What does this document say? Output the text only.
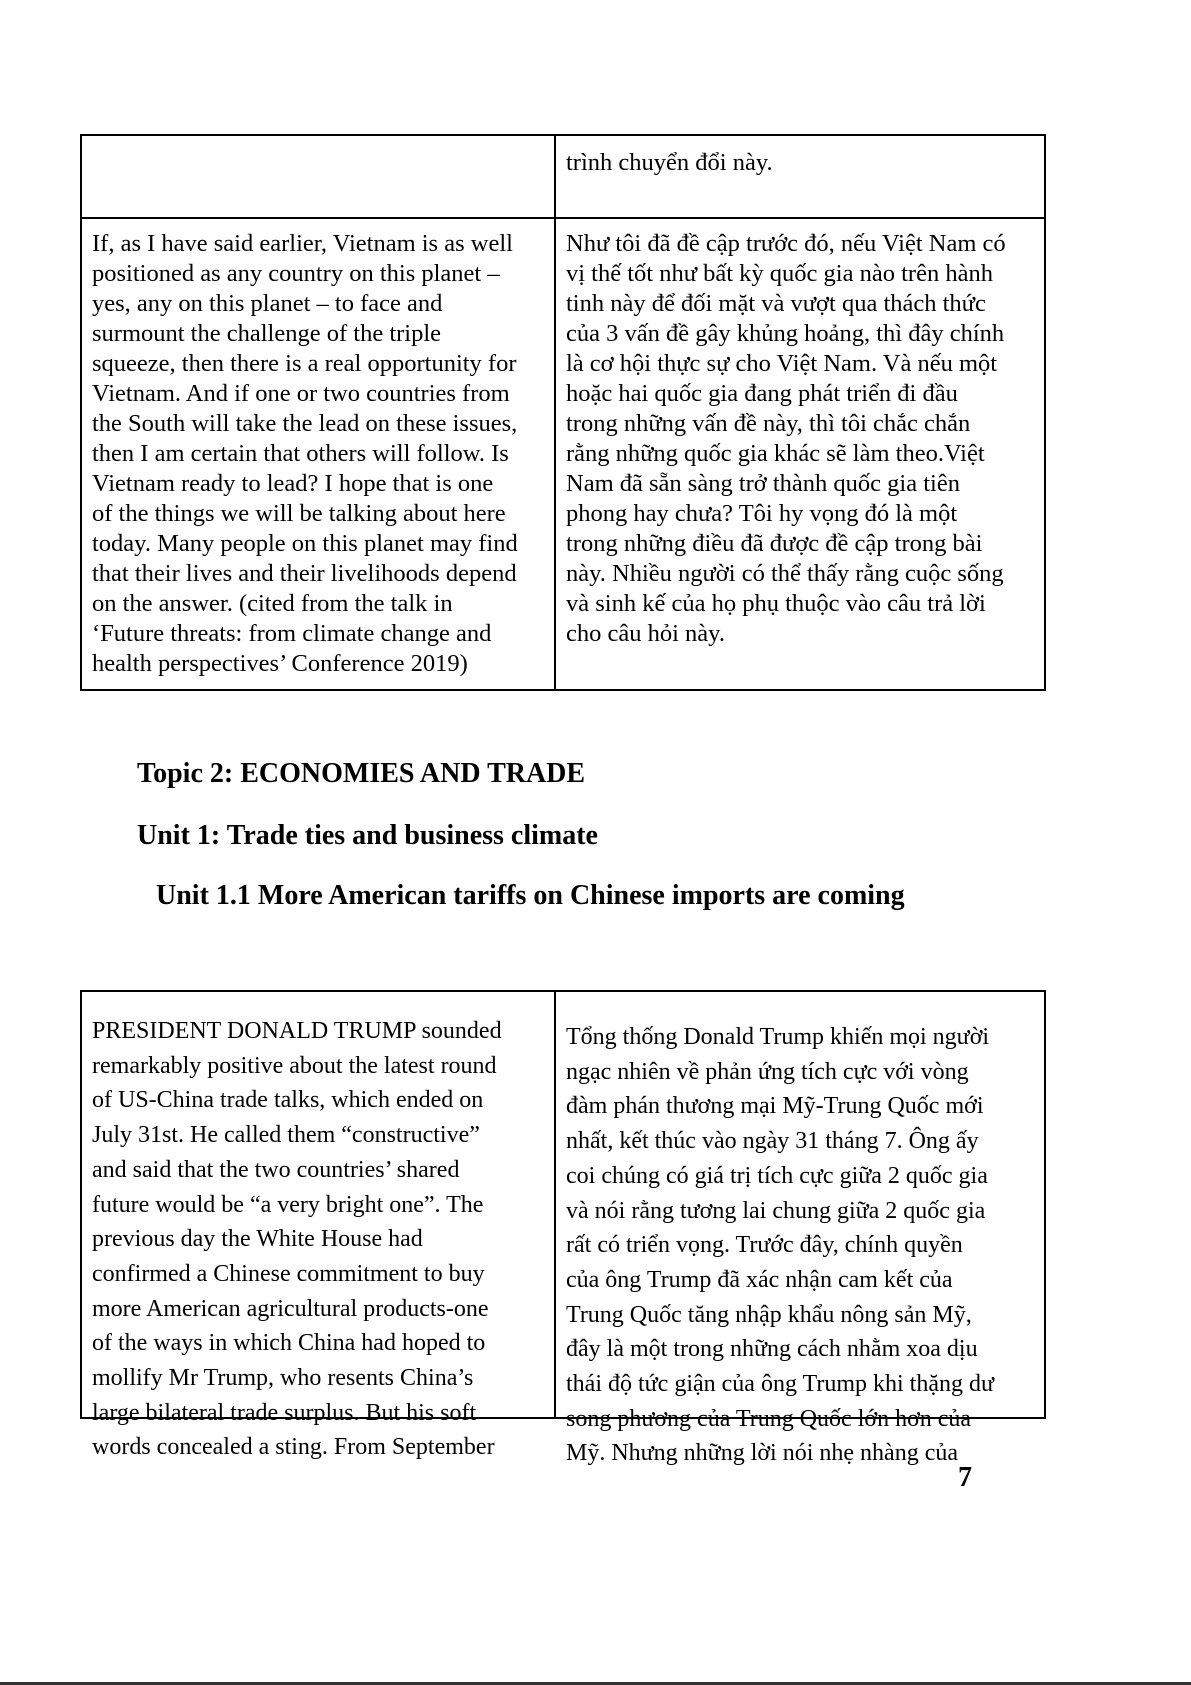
trình chuyển đổi này.
If, as I have said earlier, Vietnam is as well
positioned as any country on this planet –
yes, any on this planet – to face and
surmount the challenge of the triple
squeeze, then there is a real opportunity for
Vietnam. And if one or two countries from
the South will take the lead on these issues,
then I am certain that others will follow. Is
Vietnam ready to lead? I hope that is one
of the things we will be talking about here
today. Many people on this planet may find
that their lives and their livelihoods depend
on the answer. (cited from the talk in
‘Future threats: from climate change and
health perspectives’ Conference 2019)
Như tôi đã đề cập trước đó, nếu Việt Nam có
vị thế tốt như bất kỳ quốc gia nào trên hành
tinh này để đối mặt và vượt qua thách thức
của 3 vấn đề gây khủng hoảng, thì đây chính
là cơ hội thực sự cho Việt Nam. Và nếu một
hoặc hai quốc gia đang phát triển đi đầu
trong những vấn đề này, thì tôi chắc chắn
rằng những quốc gia khác sẽ làm theo.Việt
Nam đã sẵn sàng trở thành quốc gia tiên
phong hay chưa? Tôi hy vọng đó là một
trong những điều đã được đề cập trong bài
này. Nhiều người có thể thấy rằng cuộc sống
và sinh kế của họ phụ thuộc vào câu trả lời
cho câu hỏi này.
Topic 2: ECONOMIES AND TRADE
Unit 1: Trade ties and business climate
Unit 1.1 More American tariffs on Chinese imports are coming
PRESIDENT DONALD TRUMP sounded
remarkably positive about the latest round
of US-China trade talks, which ended on
July 31st. He called them “constructive”
and said that the two countries’ shared
future would be “a very bright one”. The
previous day the White House had
confirmed a Chinese commitment to buy
more American agricultural products-one
of the ways in which China had hoped to
mollify Mr Trump, who resents China’s
large bilateral trade surplus. But his soft
words concealed a sting. From September
Tổng thống Donald Trump khiến mọi người
ngạc nhiên về phản ứng tích cực với vòng
đàm phán thương mại Mỹ-Trung Quốc mới
nhất, kết thúc vào ngày 31 tháng 7. Ông ấy
coi chúng có giá trị tích cực giữa 2 quốc gia
và nói rằng tương lai chung giữa 2 quốc gia
rất có triển vọng. Trước đây, chính quyền
của ông Trump đã xác nhận cam kết của
Trung Quốc tăng nhập khẩu nông sản Mỹ,
đây là một trong những cách nhằm xoa dịu
thái độ tức giận của ông Trump khi thặng dư
song phương của Trung Quốc lớn hơn của
Mỹ. Nhưng những lời nói nhẹ nhàng của
7
